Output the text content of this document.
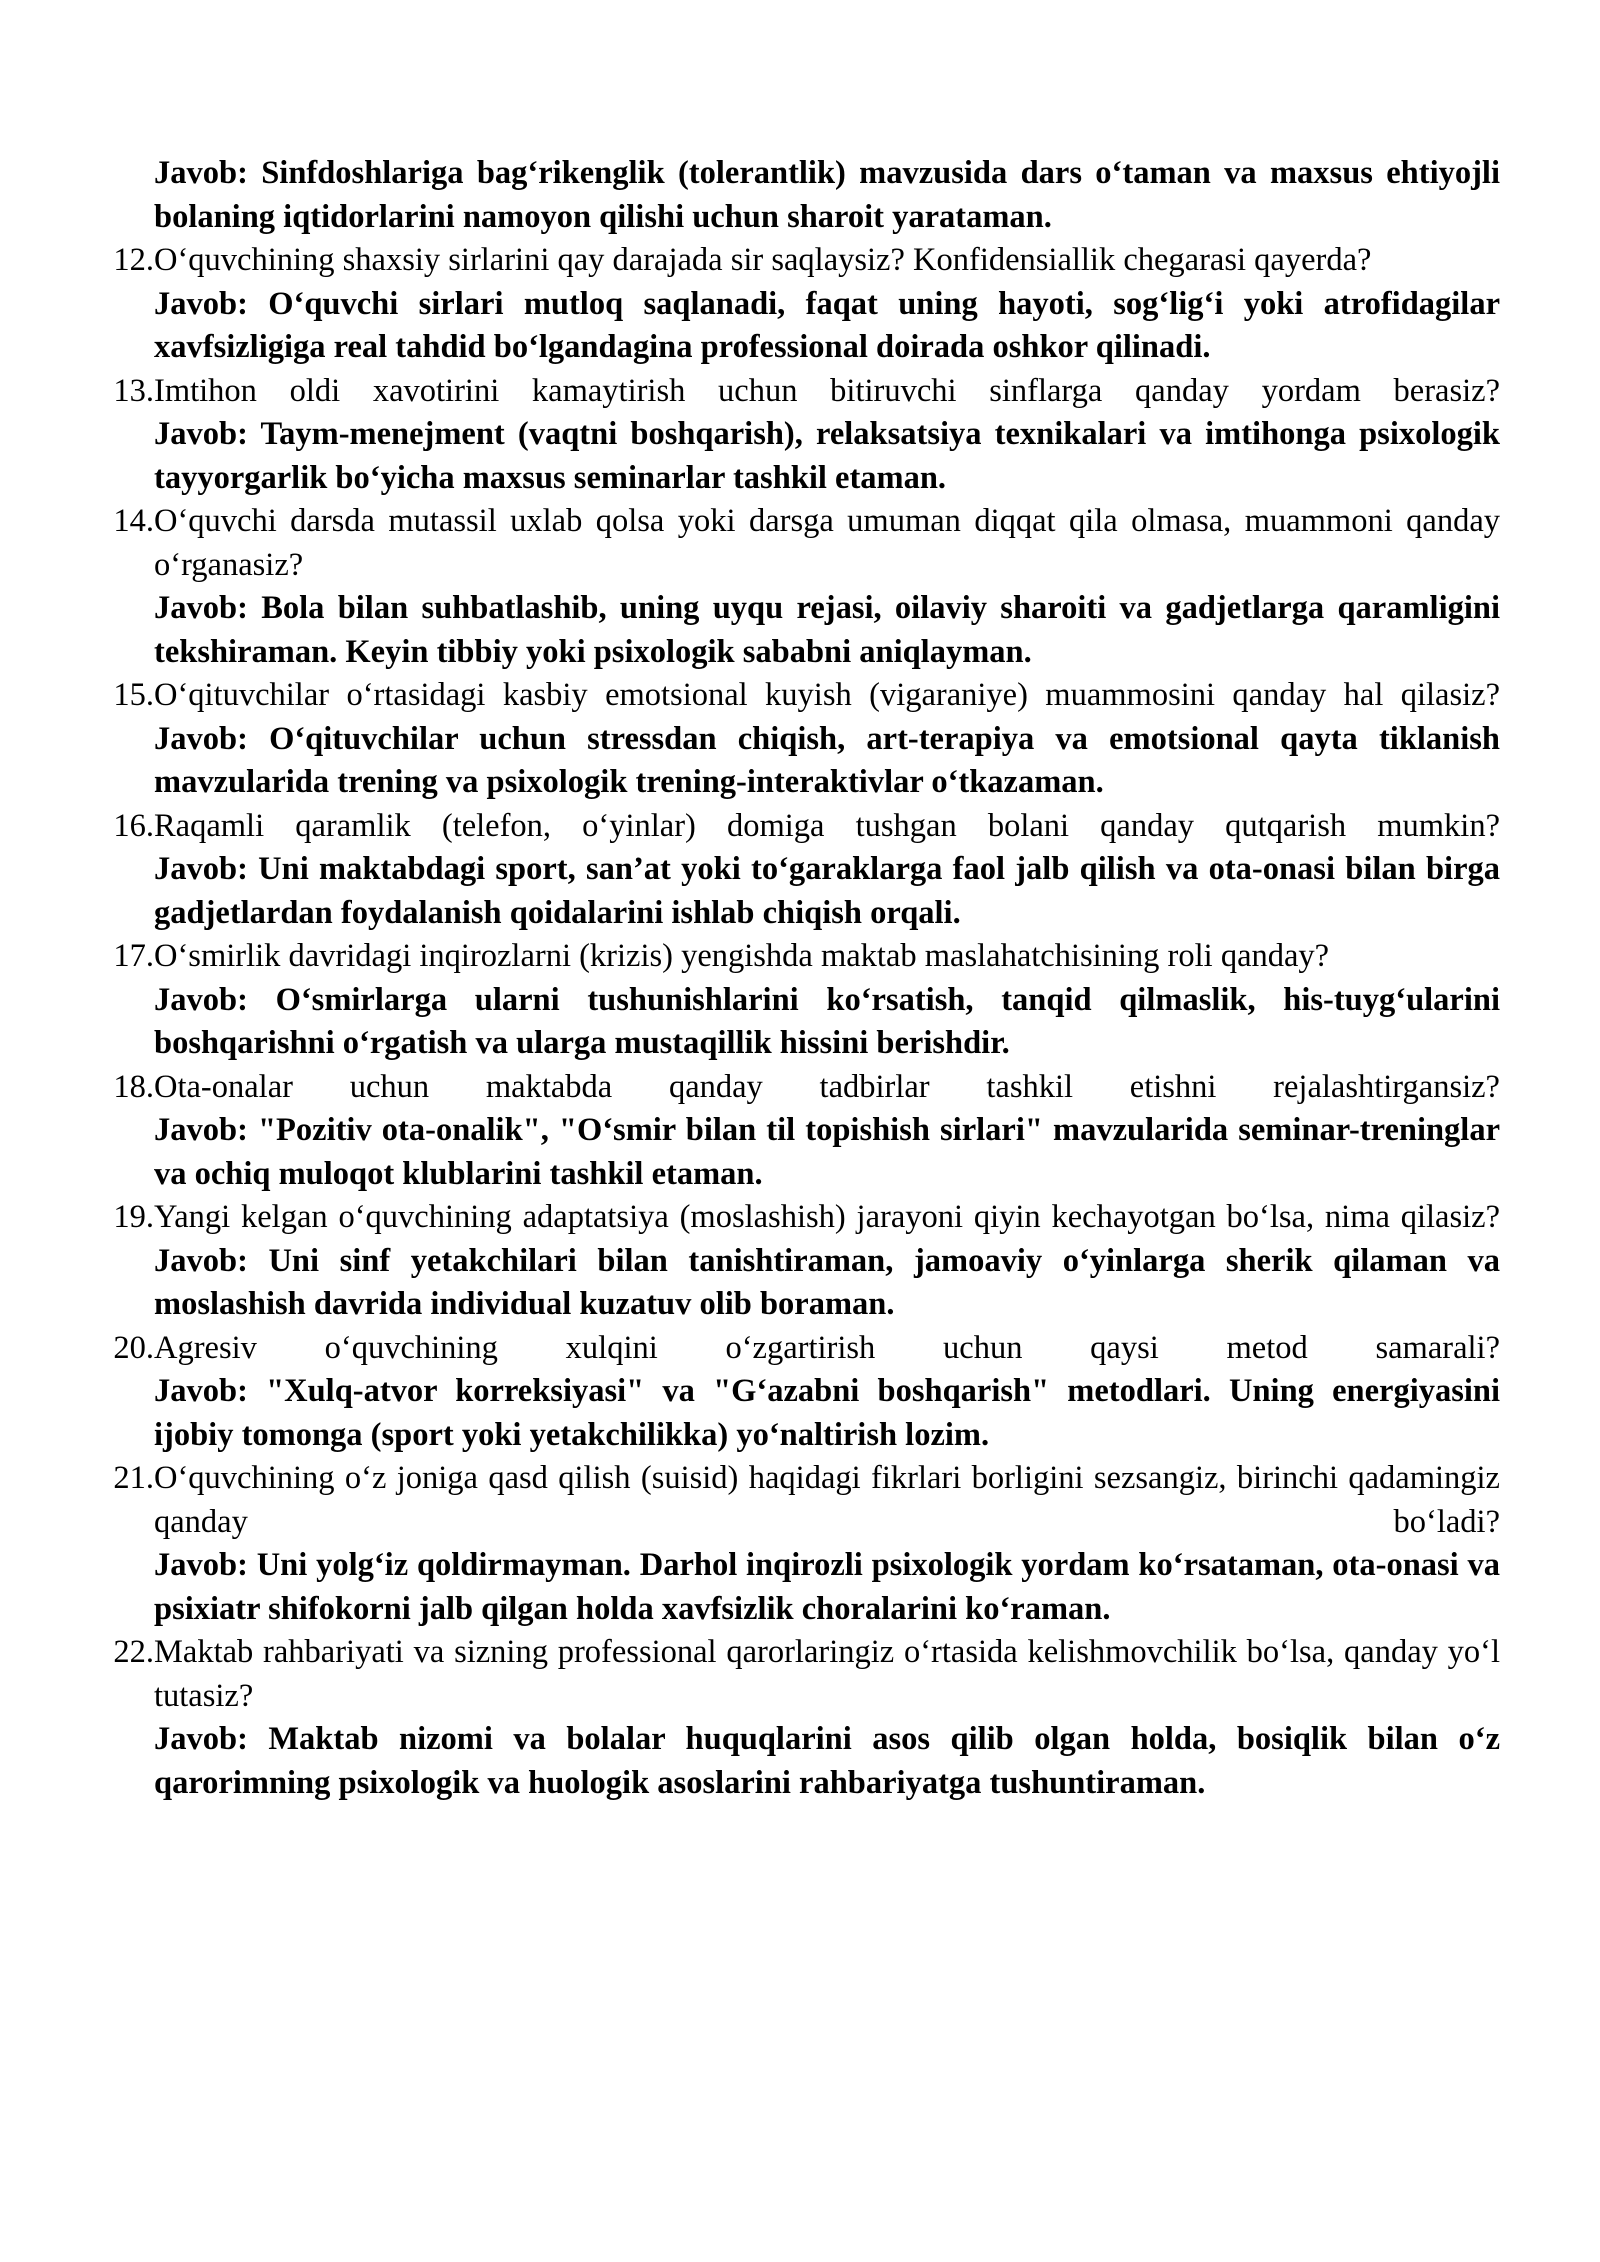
Javob: Sinfdoshlariga bag‘rikenglik (tolerantlik) mavzusida dars o‘taman va maxsus ehtiyojli bolaning iqtidorlarini namoyon qilishi uchun sharoit yarataman.

12. O‘quvchining shaxsiy sirlarini qay darajada sir saqlaysiz? Konfidensiallik chegarasi qayerda?

Javob: O‘quvchi sirlari mutloq saqlanadi, faqat uning hayoti, sog‘lig‘i yoki atrofidagilar xavfsizligiga real tahdid bo‘lgandagina professional doirada oshkor qilinadi.

13. Imtihon oldi xavotirini kamaytirish uchun bitiruvchi sinflarga qanday yordam berasiz?

Javob: Taym-menejment (vaqtni boshqarish), relaksatsiya texnikalari va imtihonga psixologik tayyorgarlik bo‘yicha maxsus seminarlar tashkil etaman.

14. O‘quvchi darsda mutassil uxlab qolsa yoki darsga umuman diqqat qila olmasa, muammoni qanday o‘rganasiz?

Javob: Bola bilan suhbatlashib, uning uyqu rejasi, oilaviy sharoiti va gadjetlarga qaramligini tekshiraman. Keyin tibbiy yoki psixologik sababni aniqlayman.

15. O‘qituvchilar o‘rtasidagi kasbiy emotsional kuyish (vigaraniye) muammosini qanday hal qilasiz?

Javob: O‘qituvchilar uchun stressdan chiqish, art-terapiya va emotsional qayta tiklanish mavzularida trening va psixologik trening-interaktivlar o‘tkazaman.

16. Raqamli qaramlik (telefon, o‘yinlar) domiga tushgan bolani qanday qutqarish mumkin?

Javob: Uni maktabdagi sport, san’at yoki to‘garaklarga faol jalb qilish va ota-onasi bilan birga gadjetlardan foydalanish qoidalarini ishlab chiqish orqali.

17. O‘smirlik davridagi inqirozlarni (krizis) yengishda maktab maslahatchisining roli qanday?

Javob: O‘smirlarga ularni tushunishlarini ko‘rsatish, tanqid qilmaslik, his-tuyg‘ularini boshqarishni o‘rgatish va ularga mustaqillik hissini berishdir.

18. Ota-onalar uchun maktabda qanday tadbirlar tashkil etishni rejalashtirgansiz?

Javob: "Pozitiv ota-onalik", "O‘smir bilan til topishish sirlari" mavzularida seminar-treninglar va ochiq muloqot klublarini tashkil etaman.

19. Yangi kelgan o‘quvchining adaptatsiya (moslashish) jarayoni qiyin kechayotgan bo‘lsa, nima qilasiz?

Javob: Uni sinf yetakchilari bilan tanishtiraman, jamoaviy o‘yinlarga sherik qilaman va moslashish davrida individual kuzatuv olib boraman.

20. Agresiv o‘quvchining xulqini o‘zgartirish uchun qaysi metod samarali?

Javob: "Xulq-atvor korreksiyasi" va "G‘azabni boshqarish" metodlari. Uning energiyasini ijobiy tomonga (sport yoki yetakchilikka) yo‘naltirish lozim.

21. O‘quvchining o‘z joniga qasd qilish (suisid) haqidagi fikrlari borligini sezsangiz, birinchi qadamingiz qanday bo‘ladi?

Javob: Uni yolg‘iz qoldirmayman. Darhol inqirozli psixologik yordam ko‘rsataman, ota-onasi va psixiatr shifokorni jalb qilgan holda xavfsizlik choralarini ko‘raman.

22. Maktab rahbariyati va sizning professional qarorlaringiz o‘rtasida kelishmovchilik bo‘lsa, qanday yo‘l tutasiz?

Javob: Maktab nizomi va bolalar huquqlarini asos qilib olgan holda, bosiqlik bilan o‘z qarorimning psixologik va huologik asoslarini rahbariyatga tushuntiraman.
